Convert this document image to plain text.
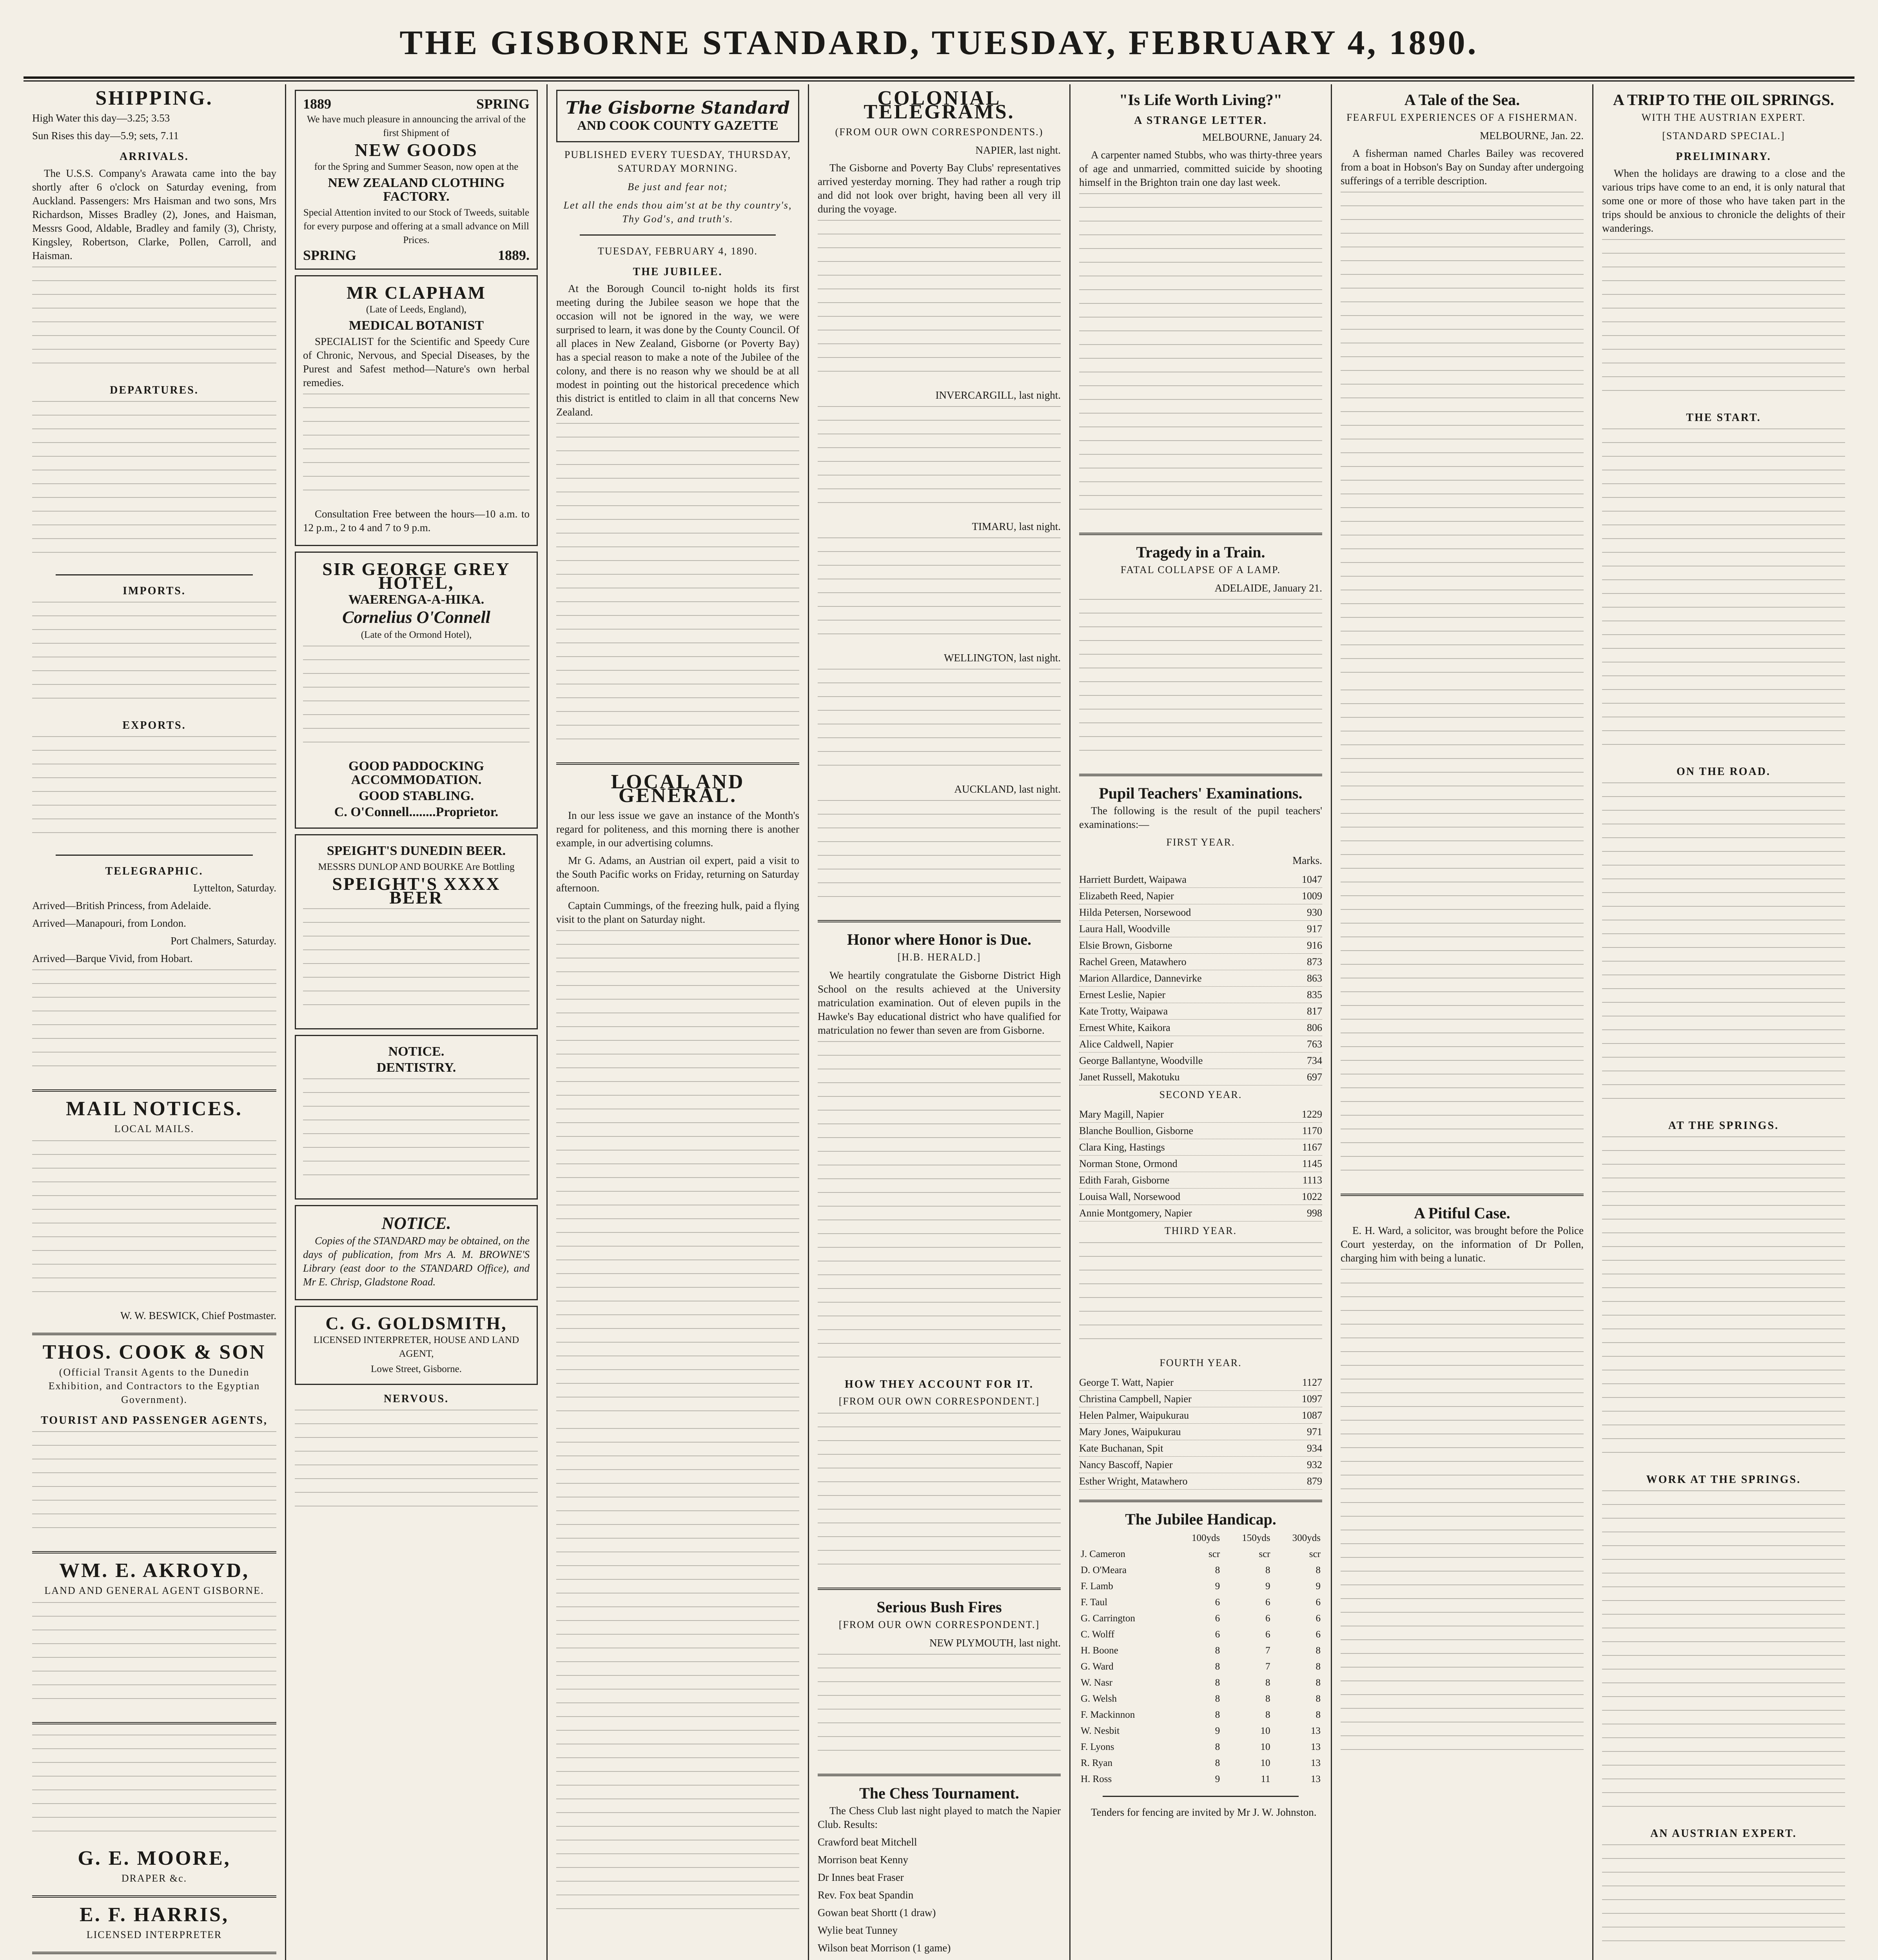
THE GISBORNE STANDARD, TUESDAY, FEBRUARY 4, 1890.
SHIPPING.

High Water this day—3.25; 3.53

Sun Rises this day—5.9; sets, 7.11

ARRIVALS.

The U.S.S. Company's Arawata came into the bay shortly after 6 o'clock on Saturday evening, from Auckland. Passengers: Mrs Haisman and two sons, Mrs Richardson, Misses Bradley (2), Jones, and Haisman, Messrs Good, Aldable, Bradley and family (3), Christy, Kingsley, Robertson, Clarke, Pollen, Carroll, and Haisman.

DEPARTURES.
IMPORTS.
EXPORTS.
TELEGRAPHIC.

Lyttelton, Saturday.

Arrived—British Princess, from Adelaide.

Arrived—Manapouri, from London.

Port Chalmers, Saturday.

Arrived—Barque Vivid, from Hobart.

MAIL NOTICES.
LOCAL MAILS.

W. W. BESWICK, Chief Postmaster.

THOS. COOK & SON
(Official Transit Agents to the Dunedin Exhibition, and Contractors to the Egyptian Government).
TOURIST AND PASSENGER AGENTS,
WM. E. AKROYD,
LAND AND GENERAL AGENT GISBORNE.
G. E. MOORE,
DRAPER &c.
E. F. HARRIS,
LICENSED INTERPRETER
1889	SPRING
We have much pleasure in announcing the arrival of the first Shipment of
NEW GOODS
for the Spring and Summer Season, now open at the
NEW ZEALAND CLOTHING FACTORY.
Special Attention invited to our Stock of Tweeds, suitable for every purpose and offering at a small advance on Mill Prices.
SPRING	1889.
MR CLAPHAM
(Late of Leeds, England),
MEDICAL BOTANIST

SPECIALIST for the Scientific and Speedy Cure of Chronic, Nervous, and Special Diseases, by the Purest and Safest method—Nature's own herbal remedies.

Consultation Free between the hours—10 a.m. to 12 p.m., 2 to 4 and 7 to 9 p.m.

SIR GEORGE GREY HOTEL,
WAERENGA-A-HIKA.
Cornelius O'Connell
(Late of the Ormond Hotel),
GOOD PADDOCKING ACCOMMODATION.
GOOD STABLING.
C. O'Connell........Proprietor.
SPEIGHT'S DUNEDIN BEER.
MESSRS DUNLOP AND BOURKE Are Bottling
SPEIGHT'S XXXX BEER
NOTICE.
DENTISTRY.
NOTICE.

Copies of the STANDARD may be obtained, on the days of publication, from Mrs A. M. BROWNE'S Library (east door to the STANDARD Office), and Mr E. Chrisp, Gladstone Road.

C. G. GOLDSMITH,
LICENSED INTERPRETER, HOUSE AND LAND AGENT,
Lowe Street, Gisborne.
NERVOUS.
The Gisborne Standard
AND COOK COUNTY GAZETTE
PUBLISHED EVERY TUESDAY, THURSDAY, SATURDAY MORNING.
Be just and fear not;
Let all the ends thou aim'st at be thy country's, Thy God's, and truth's.
TUESDAY, FEBRUARY 4, 1890.
THE JUBILEE.

At the Borough Council to-night holds its first meeting during the Jubilee season we hope that the occasion will not be ignored in the way, we were surprised to learn, it was done by the County Council. Of all places in New Zealand, Gisborne (or Poverty Bay) has a special reason to make a note of the Jubilee of the colony, and there is no reason why we should be at all modest in pointing out the historical precedence which this district is entitled to claim in all that concerns New Zealand.

LOCAL AND GENERAL.

In our less issue we gave an instance of the Month's regard for politeness, and this morning there is another example, in our advertising columns.

Mr G. Adams, an Austrian oil expert, paid a visit to the South Pacific works on Friday, returning on Saturday afternoon.

Captain Cummings, of the freezing hulk, paid a flying visit to the plant on Saturday night.

COLONIAL TELEGRAMS.
(FROM OUR OWN CORRESPONDENTS.)

NAPIER, last night.

The Gisborne and Poverty Bay Clubs' representatives arrived yesterday morning. They had rather a rough trip and did not look over bright, having been all very ill during the voyage.

INVERCARGILL, last night.

TIMARU, last night.

WELLINGTON, last night.

AUCKLAND, last night.

Honor where Honor is Due.
[H.B. HERALD.]

We heartily congratulate the Gisborne District High School on the results achieved at the University matriculation examination. Out of eleven pupils in the Hawke's Bay educational district who have qualified for matriculation no fewer than seven are from Gisborne.

HOW THEY ACCOUNT FOR IT.
[FROM OUR OWN CORRESPONDENT.]
Serious Bush Fires
[FROM OUR OWN CORRESPONDENT.]

NEW PLYMOUTH, last night.

The Chess Tournament.

The Chess Club last night played to match the Napier Club. Results:

Crawford beat Mitchell

Morrison beat Kenny

Dr Innes beat Fraser

Rev. Fox beat Spandin

Gowan beat Shortt (1 draw)

Wylie beat Tunney

Wilson beat Morrison (1 game)

"Is Life Worth Living?"
A STRANGE LETTER.

MELBOURNE, January 24.

A carpenter named Stubbs, who was thirty-three years of age and unmarried, committed suicide by shooting himself in the Brighton train one day last week.

Tragedy in a Train.
FATAL COLLAPSE OF A LAMP.

ADELAIDE, January 21.

Pupil Teachers' Examinations.

The following is the result of the pupil teachers' examinations:—

FIRST YEAR.

Marks.

Harriett Burdett, Waipawa	1047
Elizabeth Reed, Napier	1009
Hilda Petersen, Norsewood	930
Laura Hall, Woodville	917
Elsie Brown, Gisborne	916
Rachel Green, Matawhero	873
Marion Allardice, Dannevirke	863
Ernest Leslie, Napier	835
Kate Trotty, Waipawa	817
Ernest White, Kaikora	806
Alice Caldwell, Napier	763
George Ballantyne, Woodville	734
Janet Russell, Makotuku	697
SECOND YEAR.
Mary Magill, Napier	1229
Blanche Boullion, Gisborne	1170
Clara King, Hastings	1167
Norman Stone, Ormond	1145
Edith Farah, Gisborne	1113
Louisa Wall, Norsewood	1022
Annie Montgomery, Napier	998
THIRD YEAR.
FOURTH YEAR.
George T. Watt, Napier	1127
Christina Campbell, Napier	1097
Helen Palmer, Waipukurau	1087
Mary Jones, Waipukurau	971
Kate Buchanan, Spit	934
Nancy Bascoff, Napier	932
Esther Wright, Matawhero	879
The Jubilee Handicap.
	100yds	150yds	300yds
J. Cameron	scr	scr	scr
D. O'Meara	8	8	8
F. Lamb	9	9	9
F. Taul	6	6	6
G. Carrington	6	6	6
C. Wolff	6	6	6
H. Boone	8	7	8
G. Ward	8	7	8
W. Nasr	8	8	8
G. Welsh	8	8	8
F. Mackinnon	8	8	8
W. Nesbit	9	10	13
F. Lyons	8	10	13
R. Ryan	8	10	13
H. Ross	9	11	13

Tenders for fencing are invited by Mr J. W. Johnston.

A Tale of the Sea.
FEARFUL EXPERIENCES OF A FISHERMAN.

MELBOURNE, Jan. 22.

A fisherman named Charles Bailey was recovered from a boat in Hobson's Bay on Sunday after undergoing sufferings of a terrible description.

A Pitiful Case.

E. H. Ward, a solicitor, was brought before the Police Court yesterday, on the information of Dr Pollen, charging him with being a lunatic.

A TRIP TO THE OIL SPRINGS.
WITH THE AUSTRIAN EXPERT.
[STANDARD SPECIAL.]
PRELIMINARY.

When the holidays are drawing to a close and the various trips have come to an end, it is only natural that some one or more of those who have taken part in the trips should be anxious to chronicle the delights of their wanderings.

THE START.
ON THE ROAD.
AT THE SPRINGS.
WORK AT THE SPRINGS.
AN AUSTRIAN EXPERT.
